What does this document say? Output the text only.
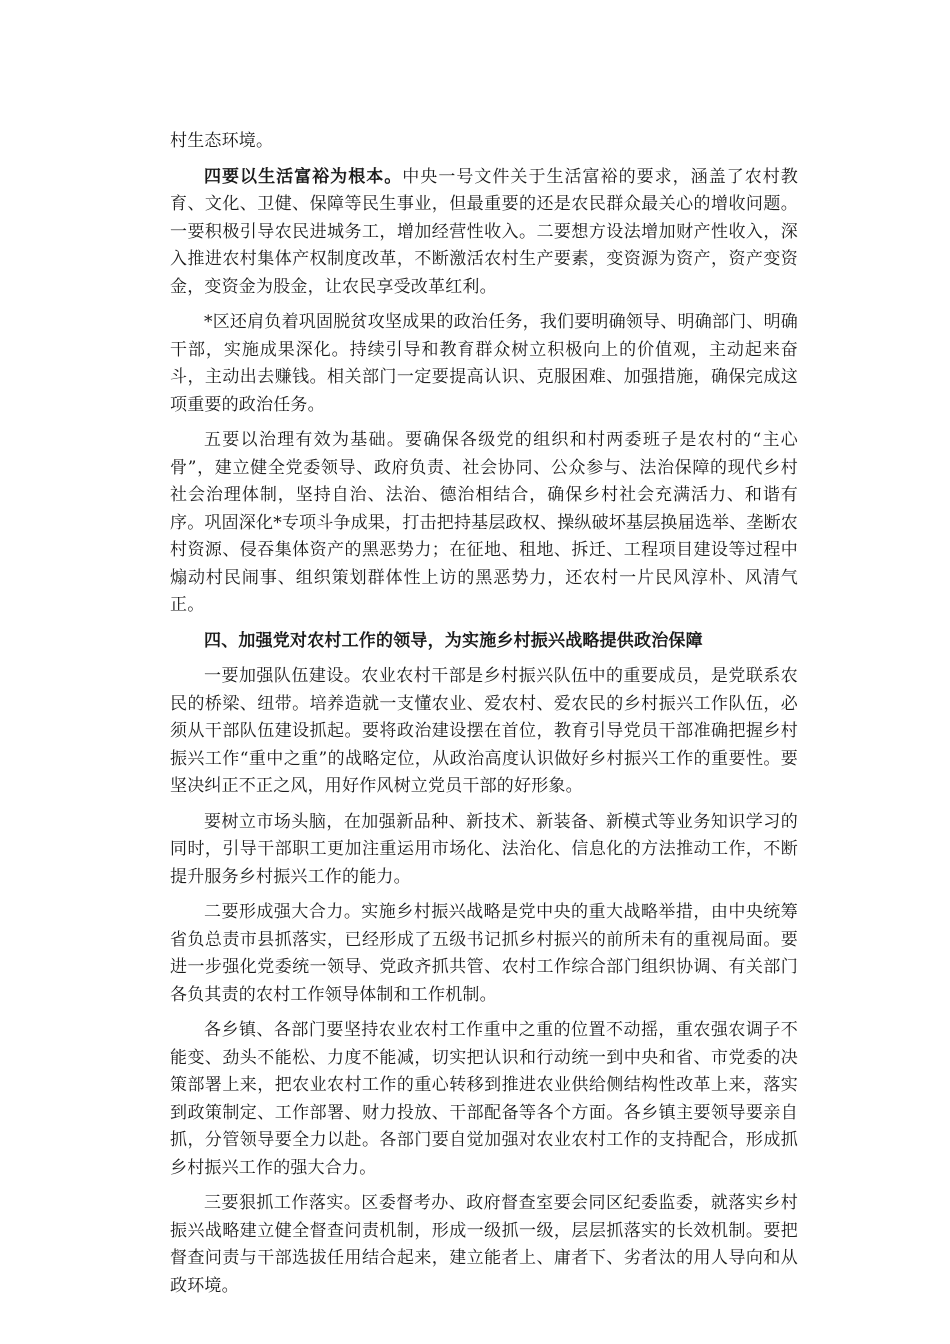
村生态环境。

四要以生活富裕为根本。中央一号文件关于生活富裕的要求，涵盖了农村教育、文化、卫健、保障等民生事业，但最重要的还是农民群众最关心的增收问题。一要积极引导农民进城务工，增加经营性收入。二要想方设法增加财产性收入，深入推进农村集体产权制度改革，不断激活农村生产要素，变资源为资产，资产变资金，变资金为股金，让农民享受改革红利。

*区还肩负着巩固脱贫攻坚成果的政治任务，我们要明确领导、明确部门、明确干部，实施成果深化。持续引导和教育群众树立积极向上的价值观，主动起来奋斗，主动出去赚钱。相关部门一定要提高认识、克服困难、加强措施，确保完成这项重要的政治任务。

五要以治理有效为基础。要确保各级党的组织和村两委班子是农村的“主心骨”，建立健全党委领导、政府负责、社会协同、公众参与、法治保障的现代乡村社会治理体制，坚持自治、法治、德治相结合，确保乡村社会充满活力、和谐有序。巩固深化*专项斗争成果，打击把持基层政权、操纵破坏基层换届选举、垄断农村资源、侵吞集体资产的黑恶势力；在征地、租地、拆迁、工程项目建设等过程中煽动村民闹事、组织策划群体性上访的黑恶势力，还农村一片民风淳朴、风清气正。

四、加强党对农村工作的领导，为实施乡村振兴战略提供政治保障

一要加强队伍建设。农业农村干部是乡村振兴队伍中的重要成员，是党联系农民的桥梁、纽带。培养造就一支懂农业、爱农村、爱农民的乡村振兴工作队伍，必须从干部队伍建设抓起。要将政治建设摆在首位，教育引导党员干部准确把握乡村振兴工作“重中之重”的战略定位，从政治高度认识做好乡村振兴工作的重要性。要坚决纠正不正之风，用好作风树立党员干部的好形象。

要树立市场头脑，在加强新品种、新技术、新装备、新模式等业务知识学习的同时，引导干部职工更加注重运用市场化、法治化、信息化的方法推动工作，不断提升服务乡村振兴工作的能力。

二要形成强大合力。实施乡村振兴战略是党中央的重大战略举措，由中央统筹省负总责市县抓落实，已经形成了五级书记抓乡村振兴的前所未有的重视局面。要进一步强化党委统一领导、党政齐抓共管、农村工作综合部门组织协调、有关部门各负其责的农村工作领导体制和工作机制。

各乡镇、各部门要坚持农业农村工作重中之重的位置不动摇，重农强农调子不能变、劲头不能松、力度不能减，切实把认识和行动统一到中央和省、市党委的决策部署上来，把农业农村工作的重心转移到推进农业供给侧结构性改革上来，落实到政策制定、工作部署、财力投放、干部配备等各个方面。各乡镇主要领导要亲自抓，分管领导要全力以赴。各部门要自觉加强对农业农村工作的支持配合，形成抓乡村振兴工作的强大合力。

三要狠抓工作落实。区委督考办、政府督查室要会同区纪委监委，就落实乡村振兴战略建立健全督查问责机制，形成一级抓一级，层层抓落实的长效机制。要把督查问责与干部选拔任用结合起来，建立能者上、庸者下、劣者汰的用人导向和从政环境。
